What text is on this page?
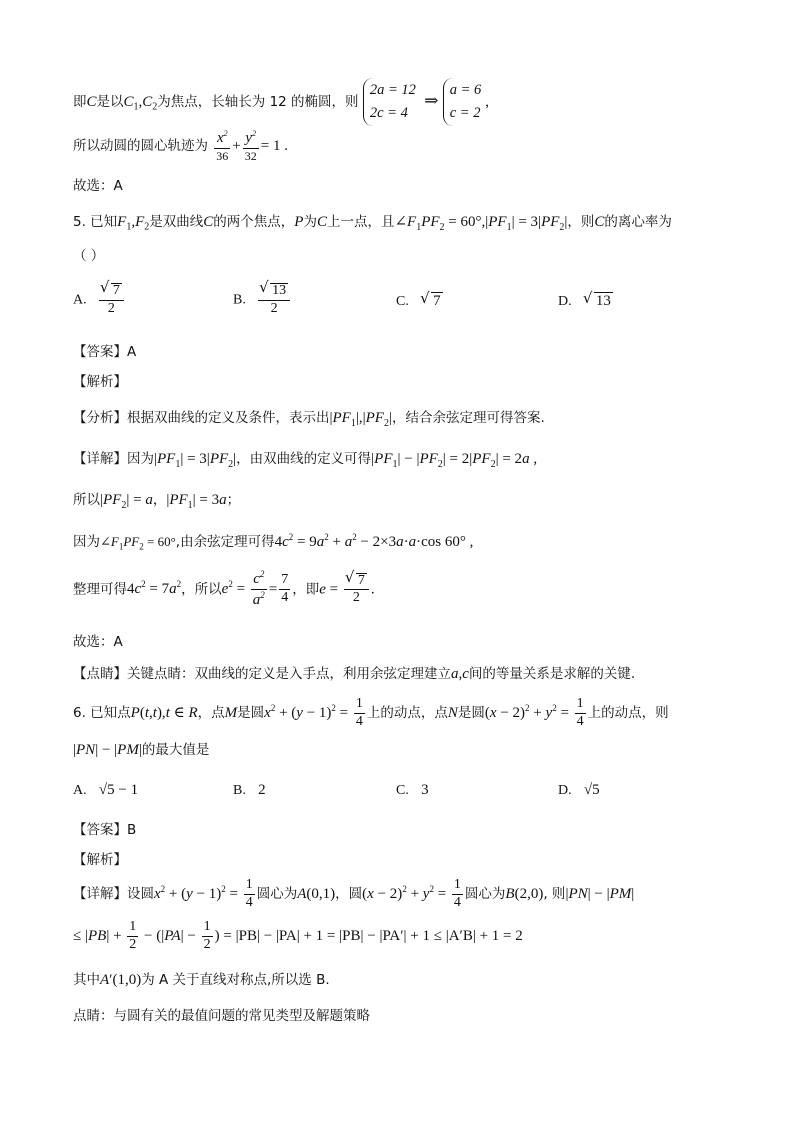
即C是以$C_1,C_2$为焦点，长轴长为 12 的椭圆，则 2a = 12
2c = 4 ⇒ a = 6
c = 2,
所以动圆的圆心轨迹为 $\frac{x^2}{36} + \frac{y^2}{32} = 1$ .
故选：A
5. 已知$F_1,F_2$是双曲线C的两个焦点，P为C上一点，且$\angle F_1PF_2 = 60^\circ,|PF_1| = 3|PF_2|$，则C的离心率为
（ ）
A. √ $\frac{7}{2}$	B. √ $\frac{13}{2}$	C. √ 7	D. √ 13
【答案】A
【解析】
【分析】根据双曲线的定义及条件，表示出$|PF_1|,|PF_2|$，结合余弦定理可得答案.
【详解】因为$|PF_1| = 3|PF_2|$，由双曲线的定义可得$|PF_1| - |PF_2| = 2|PF_2| = 2a$ ,
所以$|PF_2| = a$，$|PF_1| = 3a$；
因为$\angle F_1PF_2 = 60^\circ$,由余弦定理可得$4c^2 = 9a^2 + a^2 - 2\times 3a\cdot a\cdot\cos$ 60° ,
整理可得$4c^2 = 7a^2$，所以$e^2 = \frac{c^2}{a^2} = \frac{7}{4}$ ，即e = √ $\frac{7}{2}$ .
故选：A
【点睛】关键点睛：双曲线的定义是入手点，利用余弦定理建立a,c间的等量关系是求解的关键.
6. 已知点P(t,t),t ∈ R，点M是圆$x^2 + (y - 1)^2 = \frac{1}{4}$ 上的动点，点N是圆$(x - 2)^2 + y^2 = \frac{1}{4}$ 上的动点，则
|PN| − |PM|的最大值是
A. √5 − 1	B. 2	C. 3	D. √5
【答案】B
【解析】
【详解】设圆$x^2 + (y - 1)^2 = \frac{1}{4}$ 圆心为A(0,1)，圆$(x - 2)^2 + y^2 = \frac{1}{4}$ 圆心为B(2,0), 则|PN| − |PM|
≤ $|PB| + \frac{1}{2} - (|PA| - \frac{1}{2}$ ) = |PB| − |PA| + 1 = |PB| − |PA′| + 1 ≤ |A′B| + 1 = 2
其中A′(1,0)为 A 关于直线对称点,所以选 B.
点睛：与圆有关的最值问题的常见类型及解题策略
